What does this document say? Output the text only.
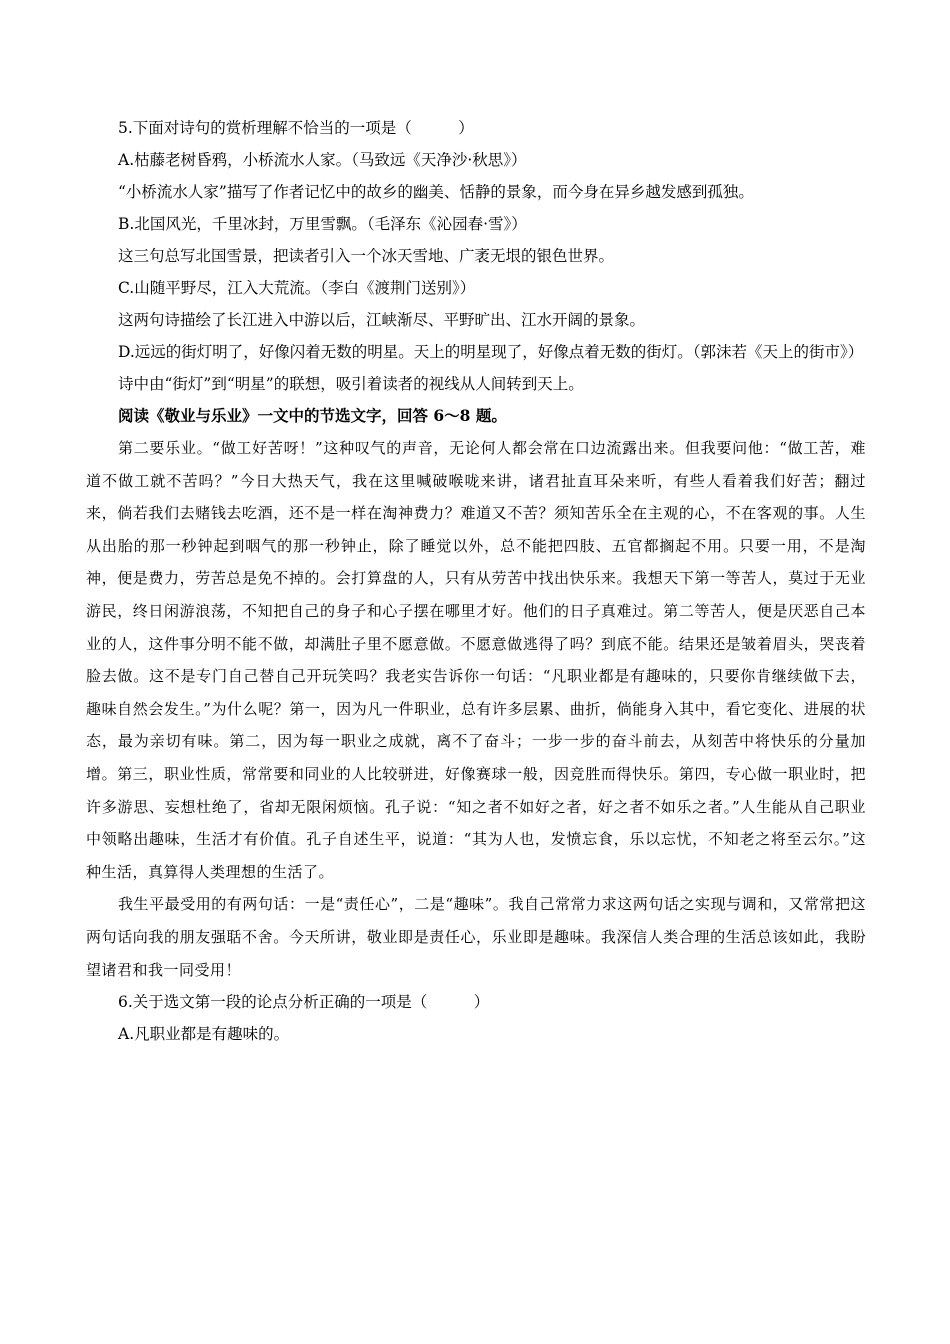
5.下面对诗句的赏析理解不恰当的一项是（　　　）
A.枯藤老树昏鸦，小桥流水人家。（马致远《天净沙·秋思》）
“小桥流水人家”描写了作者记忆中的故乡的幽美、恬静的景象，而今身在异乡越发感到孤独。
B.北国风光，千里冰封，万里雪飘。（毛泽东《沁园春·雪》）
这三句总写北国雪景，把读者引入一个冰天雪地、广袤无垠的银色世界。
C.山随平野尽，江入大荒流。（李白《渡荆门送别》）
这两句诗描绘了长江进入中游以后，江峡渐尽、平野旷出、江水开阔的景象。

D.远远的街灯明了，好像闪着无数的明星。天上的明星现了，好像点着无数的街灯。（郭沫若《天上的街市》）

诗中由“街灯”到“明星”的联想，吸引着读者的视线从人间转到天上。
阅读《敬业与乐业》一文中的节选文字，回答 6～8 题。

第二要乐业。“做工好苦呀！”这种叹气的声音，无论何人都会常在口边流露出来。但我要问他：“做工苦，难道不做工就不苦吗？”今日大热天气，我在这里喊破喉咙来讲，诸君扯直耳朵来听，有些人看着我们好苦；翻过来，倘若我们去赌钱去吃酒，还不是一样在淘神费力？难道又不苦？须知苦乐全在主观的心，不在客观的事。人生从出胎的那一秒钟起到咽气的那一秒钟止，除了睡觉以外，总不能把四肢、五官都搁起不用。只要一用，不是淘神，便是费力，劳苦总是免不掉的。会打算盘的人，只有从劳苦中找出快乐来。我想天下第一等苦人，莫过于无业游民，终日闲游浪荡，不知把自己的身子和心子摆在哪里才好。他们的日子真难过。第二等苦人，便是厌恶自己本业的人，这件事分明不能不做，却满肚子里不愿意做。不愿意做逃得了吗？到底不能。结果还是皱着眉头，哭丧着脸去做。这不是专门自己替自己开玩笑吗？我老实告诉你一句话：“凡职业都是有趣味的，只要你肯继续做下去，趣味自然会发生。”为什么呢？第一，因为凡一件职业，总有许多层累、曲折，倘能身入其中，看它变化、进展的状态，最为亲切有味。第二，因为每一职业之成就，离不了奋斗；一步一步的奋斗前去，从刻苦中将快乐的分量加增。第三，职业性质，常常要和同业的人比较骈进，好像赛球一般，因竞胜而得快乐。第四，专心做一职业时，把许多游思、妄想杜绝了，省却无限闲烦恼。孔子说：“知之者不如好之者，好之者不如乐之者。”人生能从自己职业中领略出趣味，生活才有价值。孔子自述生平，说道：“其为人也，发愤忘食，乐以忘忧，不知老之将至云尔。”这种生活，真算得人类理想的生活了。

我生平最受用的有两句话：一是“责任心”，二是“趣味”。我自己常常力求这两句话之实现与调和，又常常把这两句话向我的朋友强聒不舍。今天所讲，敬业即是责任心，乐业即是趣味。我深信人类合理的生活总该如此，我盼望诸君和我一同受用！

6.关于选文第一段的论点分析正确的一项是（　　　）
A.凡职业都是有趣味的。
